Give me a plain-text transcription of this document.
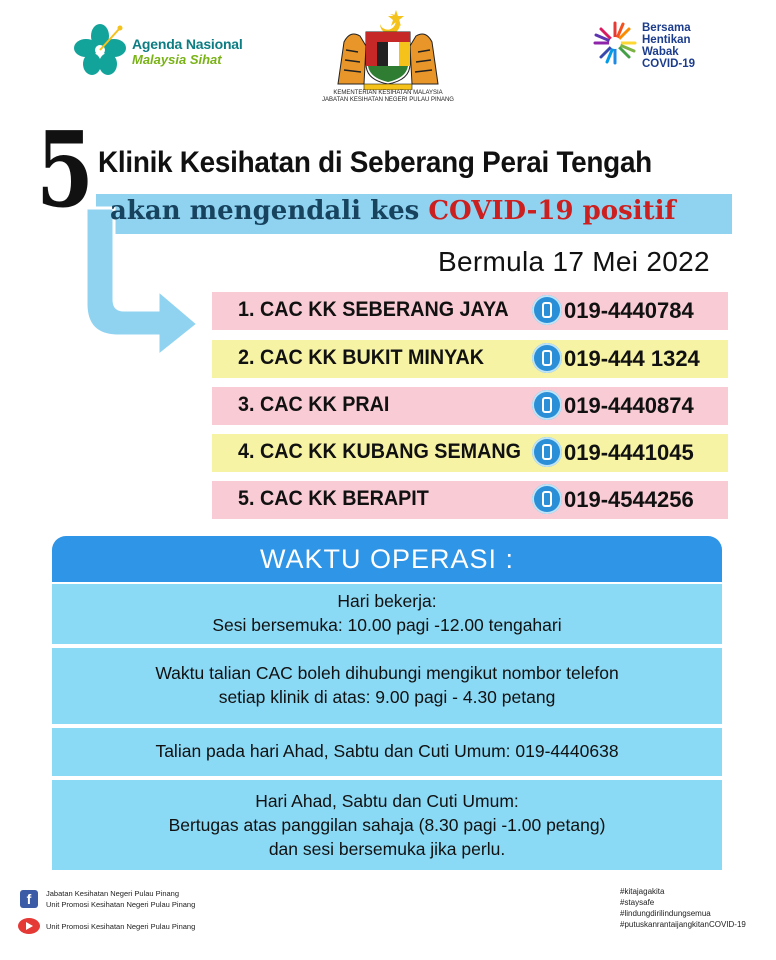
Agenda Nasional
Malaysia Sihat
KEMENTERIAN KESIHATAN MALAYSIA
JABATAN KESIHATAN NEGERI PULAU PINANG
Bersama
Hentikan
Wabak
COVID-19
5 Klinik Kesihatan di Seberang Perai Tengah
akan mengendali kes COVID-19 positif
Bermula 17 Mei 2022
1. CAC KK SEBERANG JAYA	019-4440784
2. CAC KK BUKIT MINYAK	019-444 1324
3. CAC KK PRAI	019-4440874
4. CAC KK KUBANG SEMANG 019-4441045
5. CAC KK BERAPIT	019-4544256
WAKTU OPERASI :
Hari bekerja:
Sesi bersemuka: 10.00 pagi -12.00 tengahari
Waktu talian CAC boleh dihubungi mengikut nombor telefon
setiap klinik di atas: 9.00 pagi - 4.30 petang
Talian pada hari Ahad, Sabtu dan Cuti Umum: 019-4440638
Hari Ahad, Sabtu dan Cuti Umum:
Bertugas atas panggilan sahaja (8.30 pagi -1.00 petang)
dan sesi bersemuka jika perlu.
f	Jabatan Kesihatan Negeri Pulau Pinang
Unit Promosi Kesihatan Negeri Pulau Pinang
Unit Promosi Kesihatan Negeri Pulau Pinang
#kitajagakita
#staysafe
#lindungdirilindungsemua
#putuskanrantaijangkitanCOVID-19
